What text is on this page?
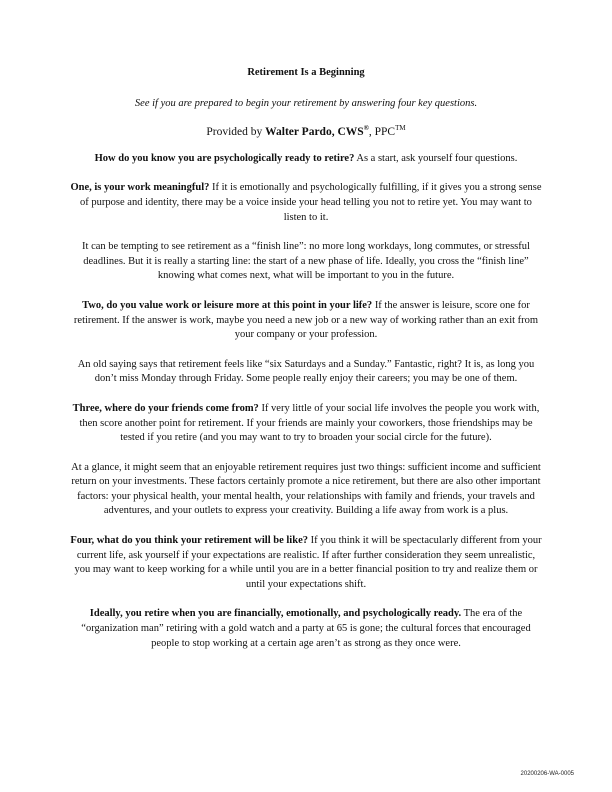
Retirement Is a Beginning
See if you are prepared to begin your retirement by answering four key questions.
Provided by Walter Pardo, CWS®, PPC™

How do you know you are psychologically ready to retire? As a start, ask yourself four questions.

One, is your work meaningful? If it is emotionally and psychologically fulfilling, if it gives you a strong sense of purpose and identity, there may be a voice inside your head telling you not to retire yet. You may want to listen to it.

It can be tempting to see retirement as a “finish line”: no more long workdays, long commutes, or stressful deadlines. But it is really a starting line: the start of a new phase of life. Ideally, you cross the “finish line” knowing what comes next, what will be important to you in the future.

Two, do you value work or leisure more at this point in your life? If the answer is leisure, score one for retirement. If the answer is work, maybe you need a new job or a new way of working rather than an exit from your company or your profession.

An old saying says that retirement feels like “six Saturdays and a Sunday.” Fantastic, right? It is, as long you don’t miss Monday through Friday. Some people really enjoy their careers; you may be one of them.

Three, where do your friends come from? If very little of your social life involves the people you work with, then score another point for retirement. If your friends are mainly your coworkers, those friendships may be tested if you retire (and you may want to try to broaden your social circle for the future).

At a glance, it might seem that an enjoyable retirement requires just two things: sufficient income and sufficient return on your investments. These factors certainly promote a nice retirement, but there are also other important factors: your physical health, your mental health, your relationships with family and friends, your travels and adventures, and your outlets to express your creativity. Building a life away from work is a plus.

Four, what do you think your retirement will be like? If you think it will be spectacularly different from your current life, ask yourself if your expectations are realistic. If after further consideration they seem unrealistic, you may want to keep working for a while until you are in a better financial position to try and realize them or until your expectations shift.

Ideally, you retire when you are financially, emotionally, and psychologically ready. The era of the “organization man” retiring with a gold watch and a party at 65 is gone; the cultural forces that encouraged people to stop working at a certain age aren’t as strong as they once were.

20200206-WA-0005
